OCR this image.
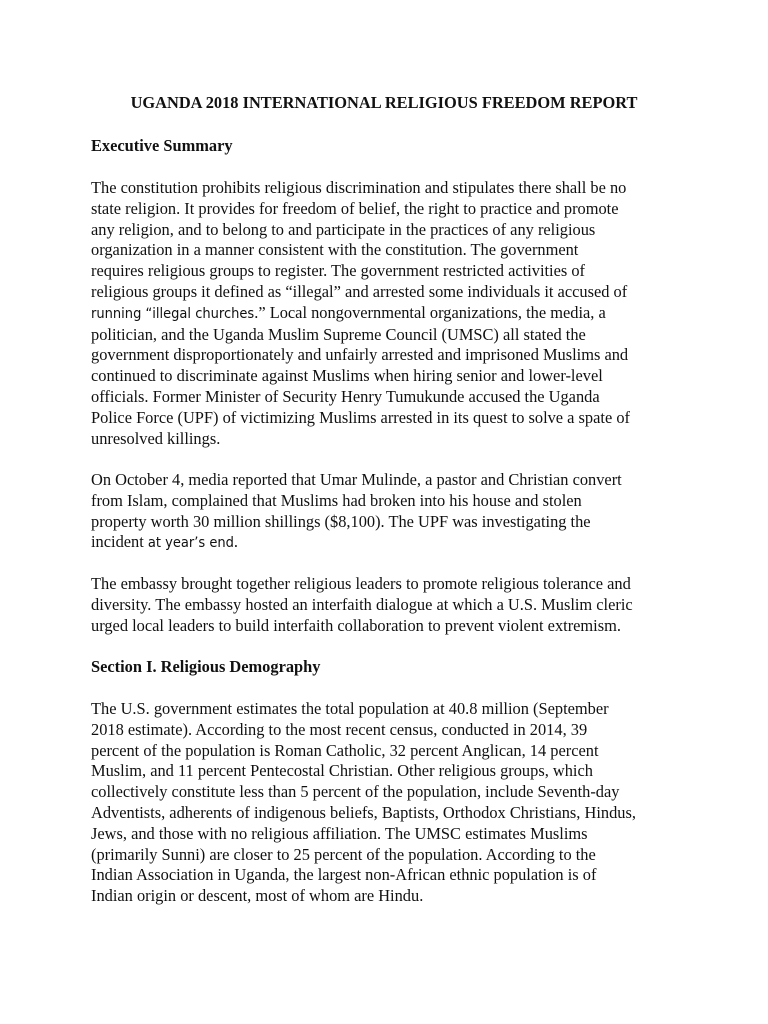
UGANDA 2018 INTERNATIONAL RELIGIOUS FREEDOM REPORT
Executive Summary
The constitution prohibits religious discrimination and stipulates there shall be no
state religion. It provides for freedom of belief, the right to practice and promote
any religion, and to belong to and participate in the practices of any religious
organization in a manner consistent with the constitution. The government
requires religious groups to register. The government restricted activities of
religious groups it defined as “illegal” and arrested some individuals it accused of
running “illegal churches.” Local nongovernmental organizations, the media, a
politician, and the Uganda Muslim Supreme Council (UMSC) all stated the
government disproportionately and unfairly arrested and imprisoned Muslims and
continued to discriminate against Muslims when hiring senior and lower-level
officials. Former Minister of Security Henry Tumukunde accused the Uganda
Police Force (UPF) of victimizing Muslims arrested in its quest to solve a spate of
unresolved killings.
On October 4, media reported that Umar Mulinde, a pastor and Christian convert
from Islam, complained that Muslims had broken into his house and stolen
property worth 30 million shillings ($8,100). The UPF was investigating the
incident at year’s end.
The embassy brought together religious leaders to promote religious tolerance and
diversity. The embassy hosted an interfaith dialogue at which a U.S. Muslim cleric
urged local leaders to build interfaith collaboration to prevent violent extremism.
Section I. Religious Demography
The U.S. government estimates the total population at 40.8 million (September
2018 estimate). According to the most recent census, conducted in 2014, 39
percent of the population is Roman Catholic, 32 percent Anglican, 14 percent
Muslim, and 11 percent Pentecostal Christian. Other religious groups, which
collectively constitute less than 5 percent of the population, include Seventh-day
Adventists, adherents of indigenous beliefs, Baptists, Orthodox Christians, Hindus,
Jews, and those with no religious affiliation. The UMSC estimates Muslims
(primarily Sunni) are closer to 25 percent of the population. According to the
Indian Association in Uganda, the largest non-African ethnic population is of
Indian origin or descent, most of whom are Hindu.
